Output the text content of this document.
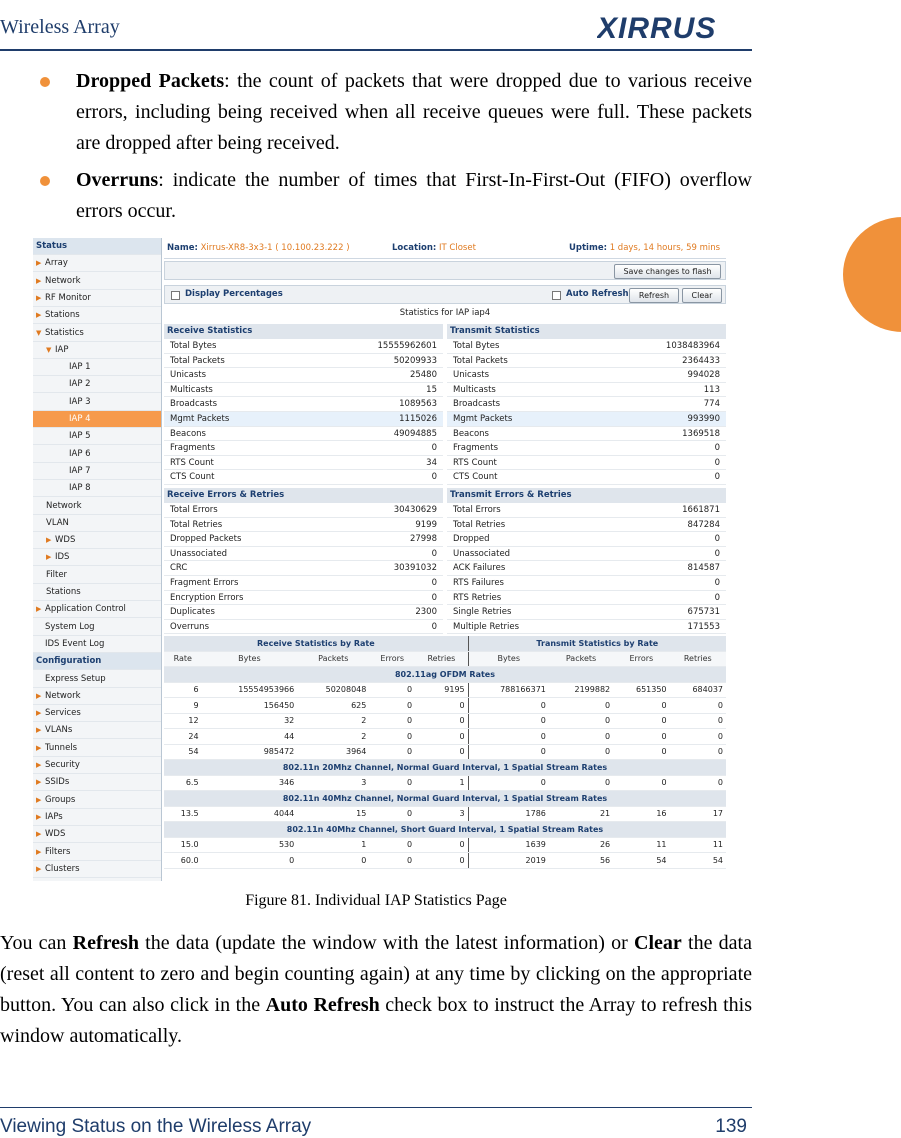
Wireless Array	XIRRUS
Dropped Packets: the count of packets that were dropped due to various receive errors, including being received when all receive queues were full. These packets are dropped after being received.
Overruns: indicate the number of times that First-In-First-Out (FIFO) overflow errors occur.
Status
▶ Array
▶ Network
▶ RF Monitor
▶ Stations
▼ Statistics
▼ IAP
IAP 1
IAP 2
IAP 3
IAP 4
IAP 5
IAP 6
IAP 7
IAP 8
Network
VLAN
▶ WDS
▶ IDS
Filter
Stations
▶ Application Control
System Log
IDS Event Log
Configuration
Express Setup
▶ Network
▶ Services
▶ VLANs
▶ Tunnels
▶ Security
▶ SSIDs
▶ Groups
▶ IAPs
▶ WDS
▶ Filters
▶ Clusters
Name: Xirrus-XR8-3x3-1 ( 10.100.23.222 )	Location: IT Closet	Uptime: 1 days, 14 hours, 59 mins
Save changes to flash
Display Percentages	Auto Refresh	Refresh	Clear
Statistics for IAP iap4
Receive Statistics
Total Bytes	15555962601
Total Packets	50209933
Unicasts	25480
Multicasts	15
Broadcasts	1089563
Mgmt Packets	1115026
Beacons	49094885
Fragments	0
RTS Count	34
CTS Count	0
Transmit Statistics
Total Bytes	1038483964
Total Packets	2364433
Unicasts	994028
Multicasts	113
Broadcasts	774
Mgmt Packets	993990
Beacons	1369518
Fragments	0
RTS Count	0
CTS Count	0
Receive Errors & Retries
Total Errors	30430629
Total Retries	9199
Dropped Packets	27998
Unassociated	0
CRC	30391032
Fragment Errors	0
Encryption Errors	0
Duplicates	2300
Overruns	0
Transmit Errors & Retries
Total Errors	1661871
Total Retries	847284
Dropped	0
Unassociated	0
ACK Failures	814587
RTS Failures	0
RTS Retries	0
Single Retries	675731
Multiple Retries	171553
Receive Statistics by Rate					Transmit Statistics by Rate			
Rate	Bytes	Packets	Errors	Retries	Bytes	Packets	Errors	Retries
802.11ag OFDM Rates								
6	15554953966	50208048	0	9195	788166371	2199882	651350	684037
9	156450	625	0	0	0	0	0	0
12	32	2	0	0	0	0	0	0
24	44	2	0	0	0	0	0	0
54	985472	3964	0	0	0	0	0	0
802.11n 20Mhz Channel, Normal Guard Interval, 1 Spatial Stream Rates								
6.5	346	3	0	1	0	0	0	0
802.11n 40Mhz Channel, Normal Guard Interval, 1 Spatial Stream Rates								
13.5	4044	15	0	3	1786	21	16	17
802.11n 40Mhz Channel, Short Guard Interval, 1 Spatial Stream Rates								
15.0	530	1	0	0	1639	26	11	11
60.0	0	0	0	0	2019	56	54	54
Figure 81. Individual IAP Statistics Page
You can Refresh the data (update the window with the latest information) or Clear the data (reset all content to zero and begin counting again) at any time by clicking on the appropriate button. You can also click in the Auto Refresh check box to instruct the Array to refresh this window automatically.
Viewing Status on the Wireless Array	139
